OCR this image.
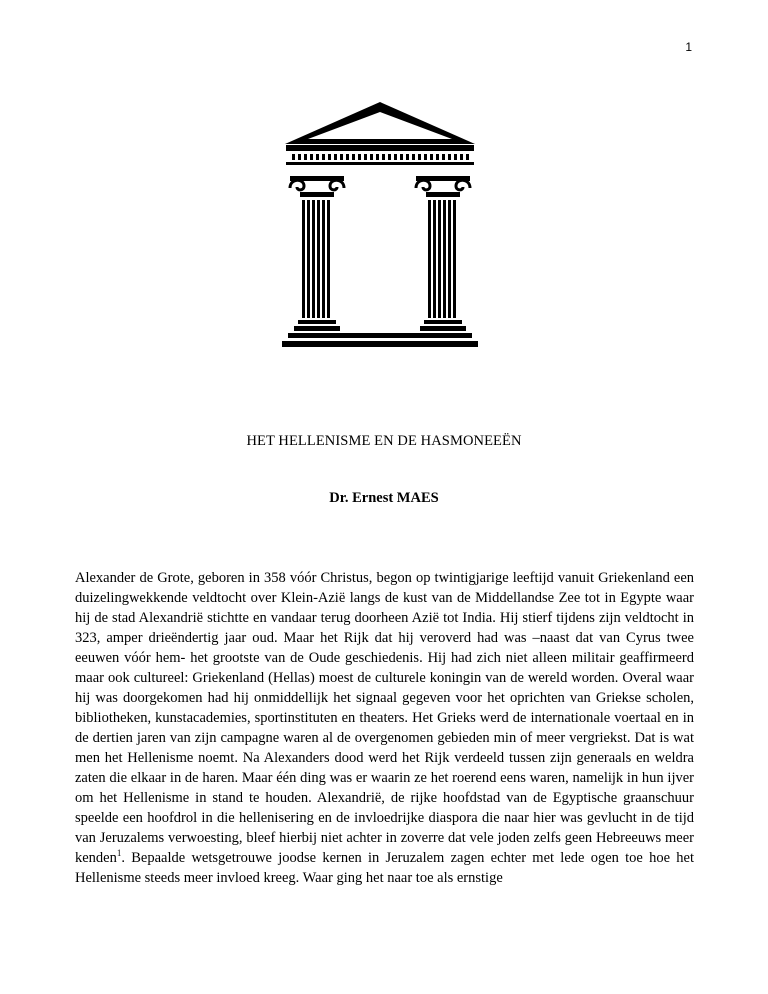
1
HET HELLENISME EN DE HASMONEEËN
Dr. Ernest MAES

Alexander de Grote, geboren in 358 vóór Christus, begon op twintigjarige leeftijd vanuit Griekenland een duizelingwekkende veldtocht over Klein-Azië langs de kust van de Middellandse Zee tot in Egypte waar hij de stad Alexandrië stichtte en vandaar terug doorheen Azië tot India. Hij stierf tijdens zijn veldtocht in 323, amper drieëndertig jaar oud. Maar het Rijk dat hij veroverd had was –naast dat van Cyrus twee eeuwen vóór hem- het grootste van de Oude geschiedenis. Hij had zich niet alleen militair geaffirmeerd maar ook cultureel: Griekenland (Hellas) moest de culturele koningin van de wereld worden. Overal waar hij was doorgekomen had hij onmiddellijk het signaal gegeven voor het oprichten van Griekse scholen, bibliotheken, kunstacademies, sportinstituten en theaters. Het Grieks werd de internationale voertaal en in de dertien jaren van zijn campagne waren al de overgenomen gebieden min of meer vergriekst. Dat is wat men het Hellenisme noemt. Na Alexanders dood werd het Rijk verdeeld tussen zijn generaals en weldra zaten die elkaar in de haren. Maar één ding was er waarin ze het roerend eens waren, namelijk in hun ijver om het Hellenisme in stand te houden. Alexandrië, de rijke hoofdstad van de Egyptische graanschuur speelde een hoofdrol in die hellenisering en de invloedrijke diaspora die naar hier was gevlucht in de tijd van Jeruzalems verwoesting, bleef hierbij niet achter in zoverre dat vele joden zelfs geen Hebreeuws meer kenden$^1$. Bepaalde wetsgetrouwe joodse kernen in Jeruzalem zagen echter met lede ogen toe hoe het Hellenisme steeds meer invloed kreeg. Waar ging het naar toe als ernstige
